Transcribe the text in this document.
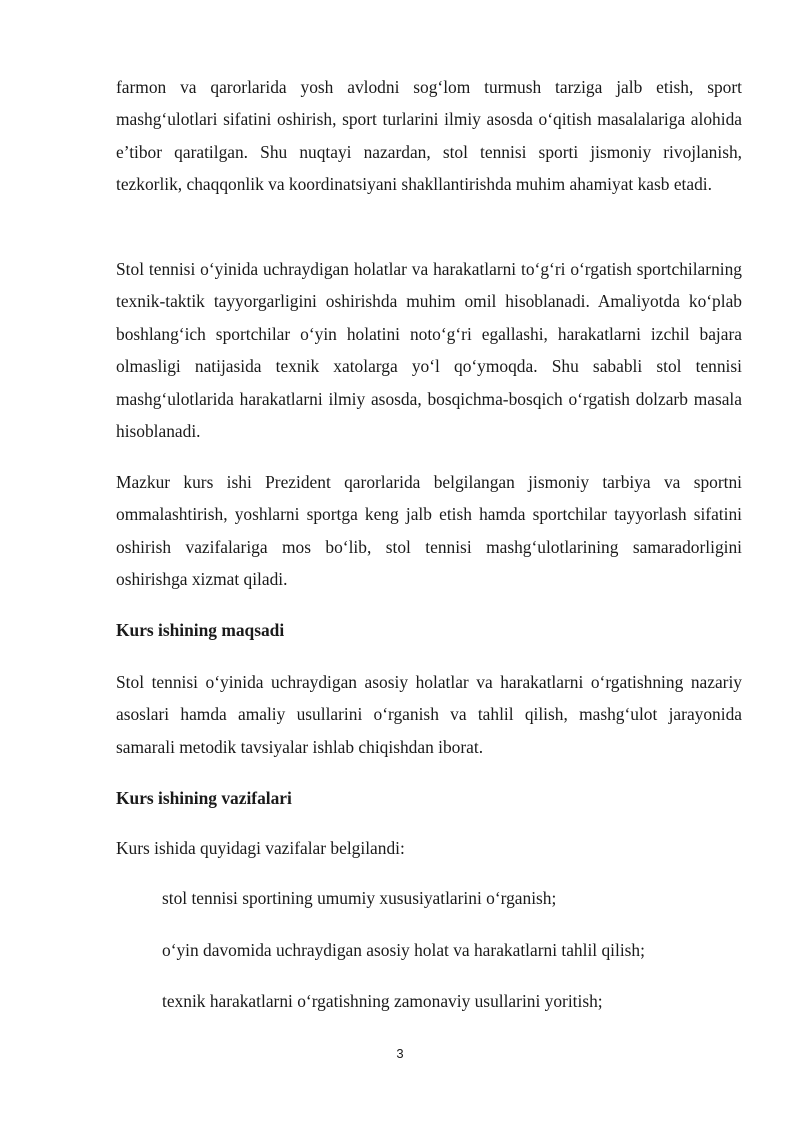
farmon va qarorlarida yosh avlodni sog‘lom turmush tarziga jalb etish, sport mashg‘ulotlari sifatini oshirish, sport turlarini ilmiy asosda o‘qitish masalalariga alohida e’tibor qaratilgan. Shu nuqtayi nazardan, stol tennisi sporti jismoniy rivojlanish, tezkorlik, chaqqonlik va koordinatsiyani shakllantirishda muhim ahamiyat kasb etadi.

Stol tennisi o‘yinida uchraydigan holatlar va harakatlarni to‘g‘ri o‘rgatish sportchilarning texnik-taktik tayyorgarligini oshirishda muhim omil hisoblanadi. Amaliyotda ko‘plab boshlang‘ich sportchilar o‘yin holatini noto‘g‘ri egallashi, harakatlarni izchil bajara olmasligi natijasida texnik xatolarga yo‘l qo‘ymoqda. Shu sababli stol tennisi mashg‘ulotlarida harakatlarni ilmiy asosda, bosqichma-bosqich o‘rgatish dolzarb masala hisoblanadi.

Mazkur kurs ishi Prezident qarorlarida belgilangan jismoniy tarbiya va sportni ommalashtirish, yoshlarni sportga keng jalb etish hamda sportchilar tayyorlash sifatini oshirish vazifalariga mos bo‘lib, stol tennisi mashg‘ulotlarining samaradorligini oshirishga xizmat qiladi.

Kurs ishining maqsadi

Stol tennisi o‘yinida uchraydigan asosiy holatlar va harakatlarni o‘rgatishning nazariy asoslari hamda amaliy usullarini o‘rganish va tahlil qilish, mashg‘ulot jarayonida samarali metodik tavsiyalar ishlab chiqishdan iborat.

Kurs ishining vazifalari

Kurs ishida quyidagi vazifalar belgilandi:

stol tennisi sportining umumiy xususiyatlarini o‘rganish;

o‘yin davomida uchraydigan asosiy holat va harakatlarni tahlil qilish;

texnik harakatlarni o‘rgatishning zamonaviy usullarini yoritish;

3
